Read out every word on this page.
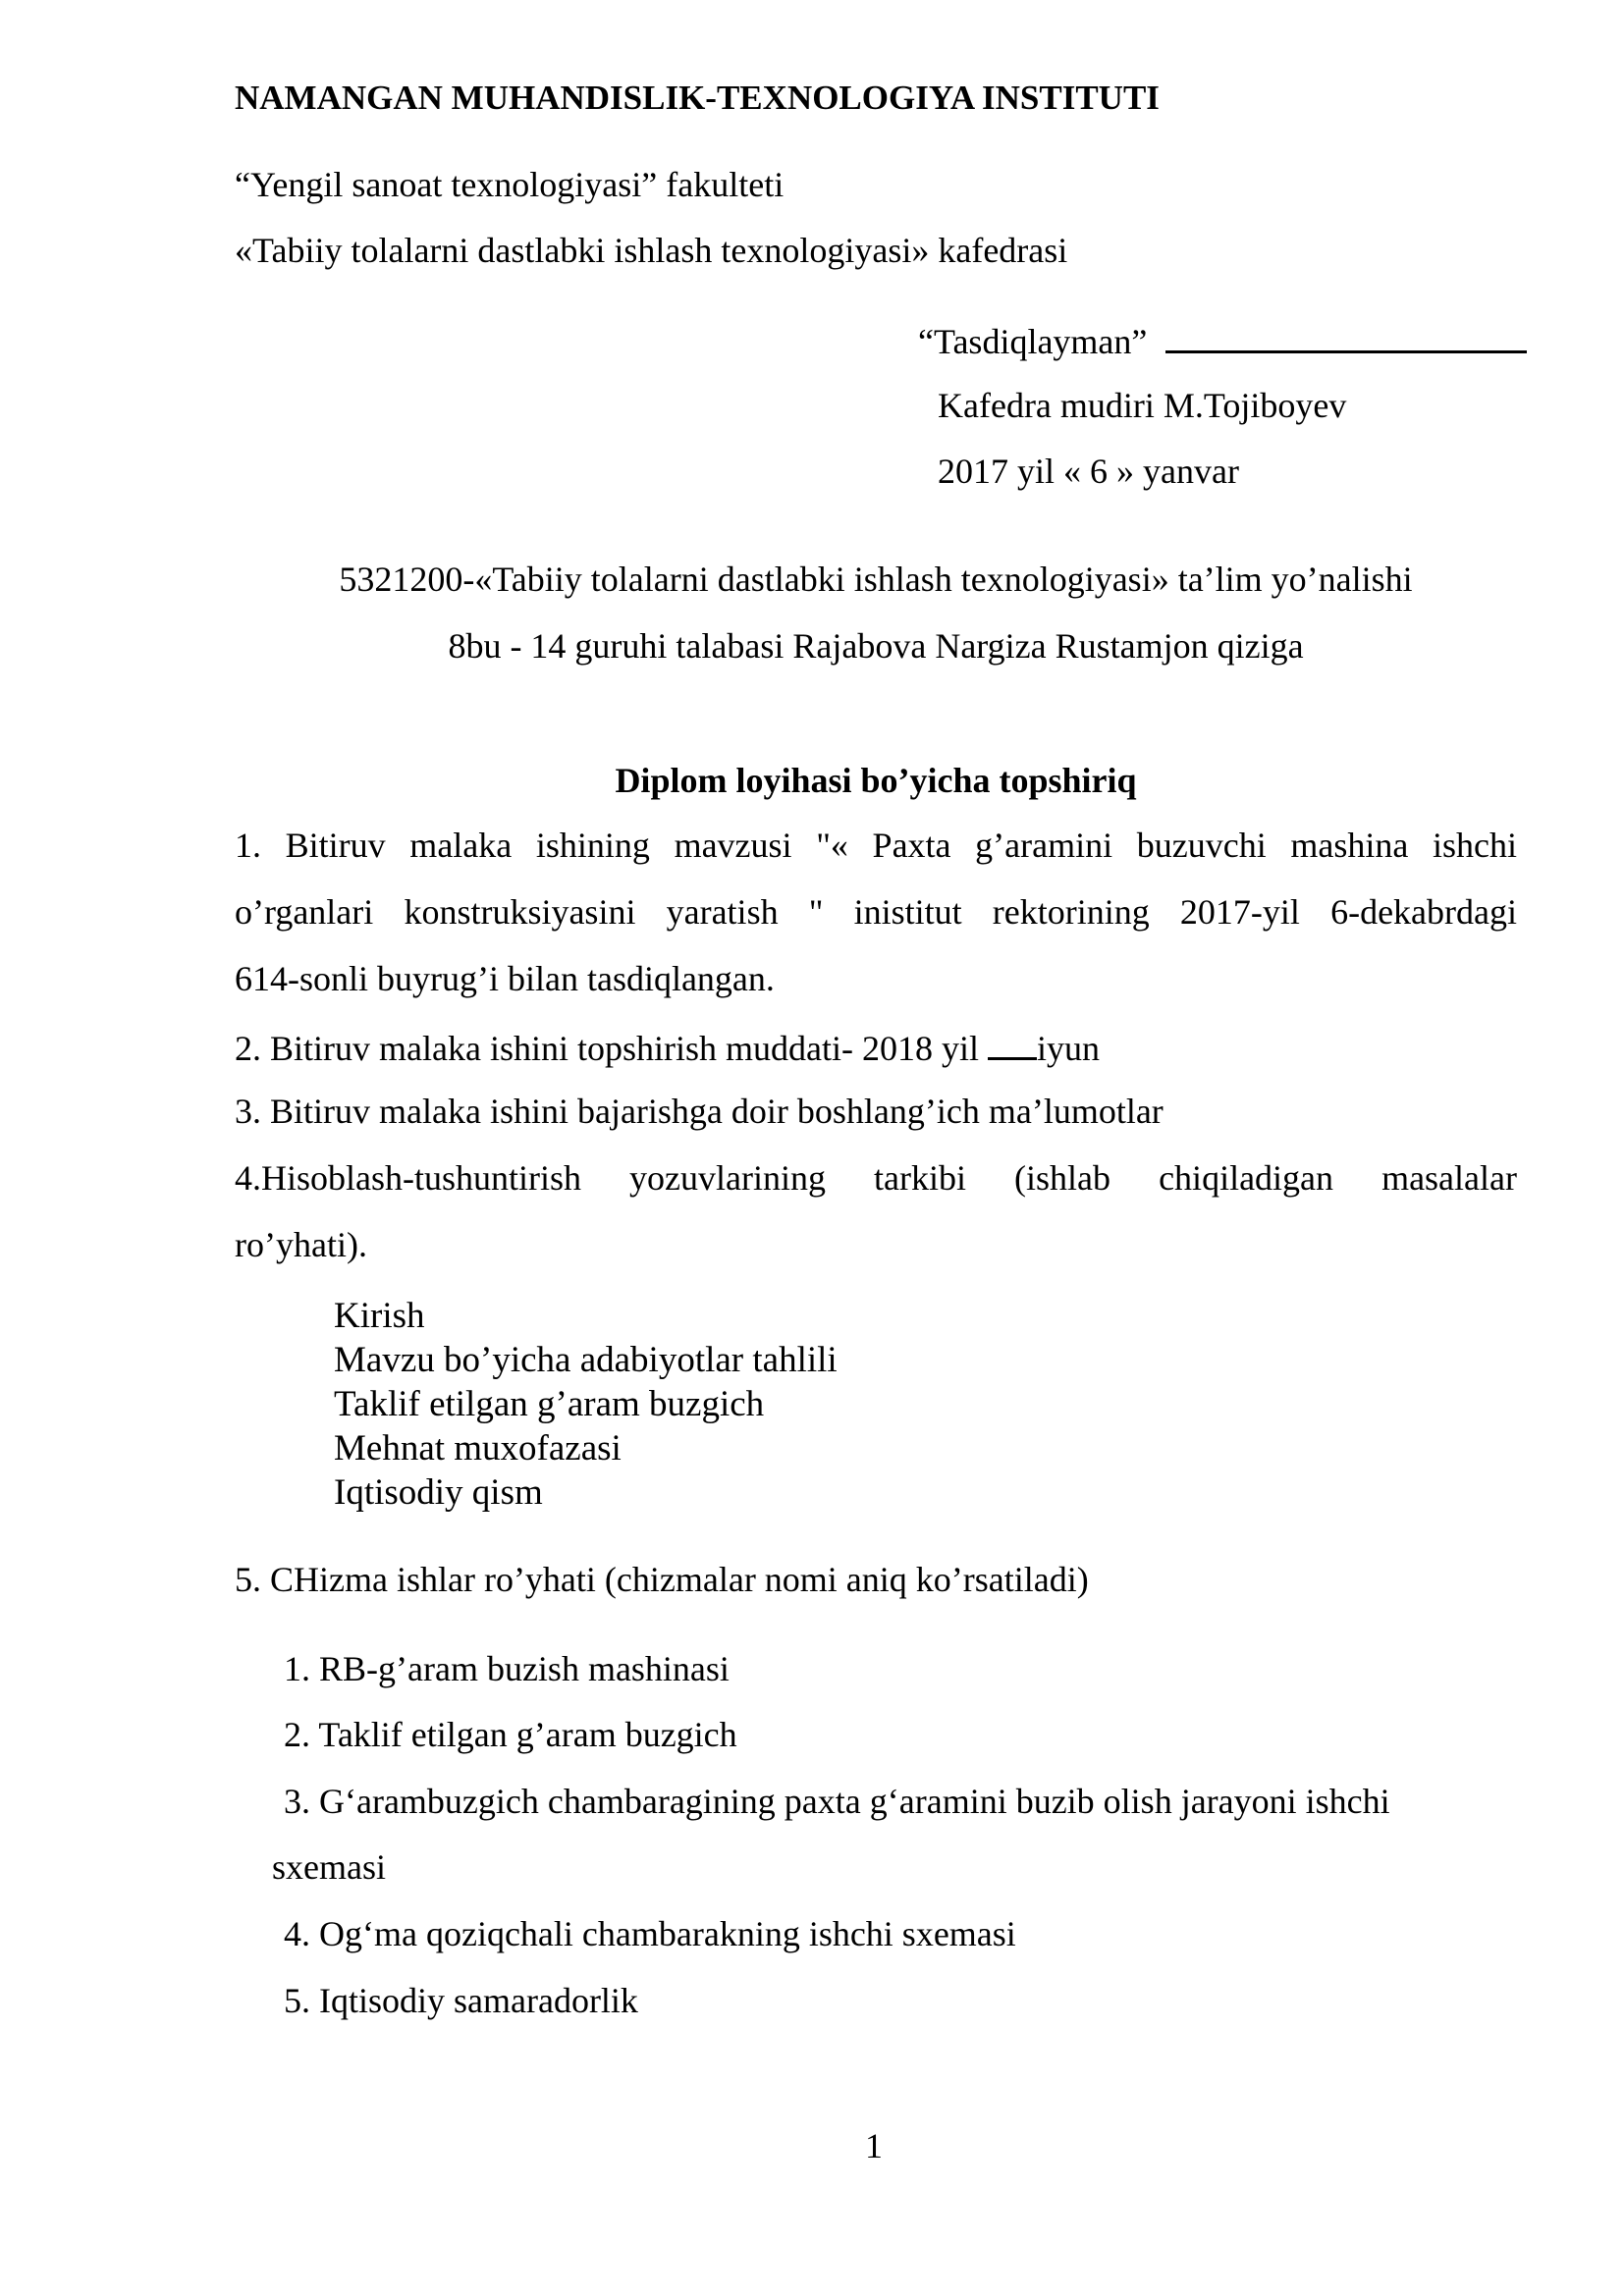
NAMANGAN MUHANDISLIK-TEXNOLOGIYA INSTITUTI
“Yengil sanoat texnologiyasi” fakulteti
«Tabiiy tolalarni dastlabki ishlash texnologiyasi» kafedrasi
“Tasdiqlayman”
Kafedra mudiri M.Tojiboyev
2017 yil « 6 » yanvar
5321200-«Tabiiy tolalarni dastlabki ishlash texnologiyasi» ta’lim yo’nalishi
8bu - 14 guruhi talabasi Rajabova Nargiza Rustamjon qiziga
Diplom loyihasi bo’yicha topshiriq
1. Bitiruv malaka ishining mavzusi "« Paxta g’aramini buzuvchi mashina ishchi
o’rganlari konstruksiyasini yaratish " inistitut rektorining 2017-yil 6-dekabrdagi
614-sonli buyrug’i bilan tasdiqlangan.
2. Bitiruv malaka ishini topshirish muddati- 2018 yil iyun
3. Bitiruv malaka ishini bajarishga doir boshlang’ich ma’lumotlar
4.Hisoblash-tushuntirish yozuvlarining tarkibi (ishlab chiqiladigan masalalar
ro’yhati).
Kirish
Mavzu bo’yicha adabiyotlar tahlili
Taklif etilgan g’aram buzgich
Mehnat muxofazasi
Iqtisodiy qism
5. CHizma ishlar ro’yhati (chizmalar nomi aniq ko’rsatiladi)
1. RB-g’aram buzish mashinasi
2. Taklif etilgan g’aram buzgich
3. G‘arambuzgich chambaragining paxta g‘aramini buzib olish jarayoni ishchi
sxemasi
4. Og‘ma qoziqchali chambarakning ishchi sxemasi
5. Iqtisodiy samaradorlik
1
